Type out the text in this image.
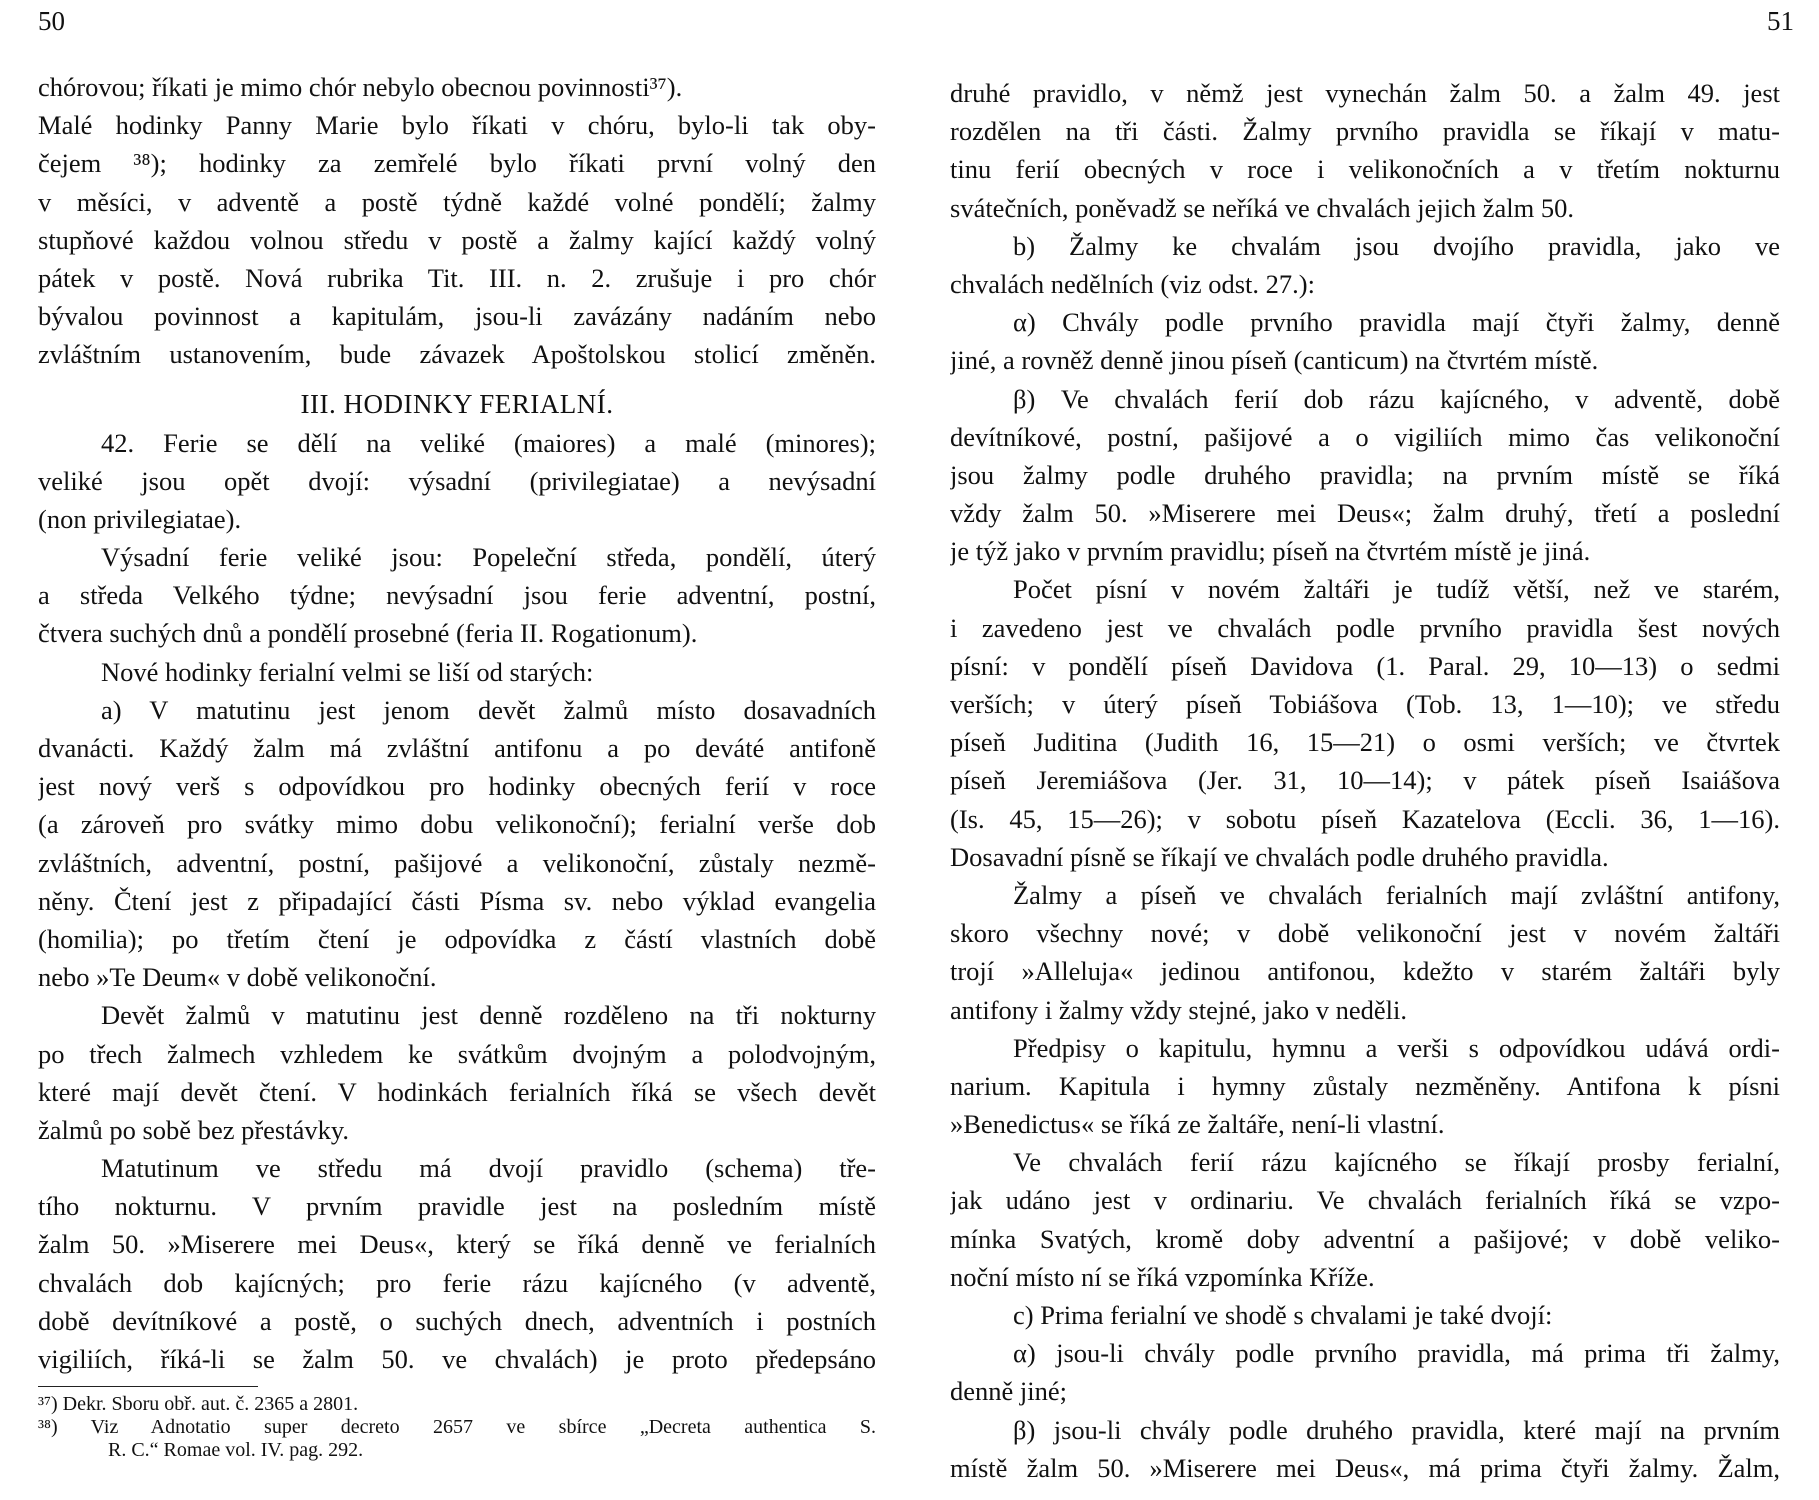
50	51
chórovou; říkati je mimo chór nebylo obecnou povinnosti³⁷).
Malé hodinky Panny Marie bylo říkati v chóru, bylo-li tak oby-
čejem ³⁸); hodinky za zemřelé bylo říkati první volný den
v měsíci, v adventě a postě týdně každé volné pondělí; žalmy
stupňové každou volnou středu v postě a žalmy kající každý volný
pátek v postě. Nová rubrika Tit. III. n. 2. zrušuje i pro chór
bývalou povinnost a kapitulám, jsou-li zavázány nadáním nebo
zvláštním ustanovením, bude závazek Apoštolskou stolicí změněn.
III. HODINKY FERIALNÍ.
42. Ferie se dělí na veliké (maiores) a malé (minores);
veliké jsou opět dvojí: výsadní (privilegiatae) a nevýsadní
(non privilegiatae).
Výsadní ferie veliké jsou: Popeleční středa, pondělí, úterý
a středa Velkého týdne; nevýsadní jsou ferie adventní, postní,
čtvera suchých dnů a pondělí prosebné (feria II. Rogationum).
Nové hodinky ferialní velmi se liší od starých:
a) V matutinu jest jenom devět žalmů místo dosavadních
dvanácti. Každý žalm má zvláštní antifonu a po deváté antifoně
jest nový verš s odpovídkou pro hodinky obecných ferií v roce
(a zároveň pro svátky mimo dobu velikonoční); ferialní verše dob
zvláštních, adventní, postní, pašijové a velikonoční, zůstaly nezmě-
něny. Čtení jest z připadající části Písma sv. nebo výklad evangelia
(homilia); po třetím čtení je odpovídka z částí vlastních době
nebo »Te Deum« v době velikonoční.
Devět žalmů v matutinu jest denně rozděleno na tři nokturny
po třech žalmech vzhledem ke svátkům dvojným a polodvojným,
které mají devět čtení. V hodinkách ferialních říká se všech devět
žalmů po sobě bez přestávky.
Matutinum ve středu má dvojí pravidlo (schema) tře-
tího nokturnu. V prvním pravidle jest na posledním místě
žalm 50. »Miserere mei Deus«, který se říká denně ve ferialních
chvalách dob kajícných; pro ferie rázu kajícného (v adventě,
době devítníkové a postě, o suchých dnech, adventních i postních
vigiliích, říká-li se žalm 50. ve chvalách) je proto předepsáno
³⁷) Dekr. Sboru obř. aut. č. 2365 a 2801.
³⁸) Viz Adnotatio super decreto 2657 ve sbírce „Decreta authentica S.
R. C.“ Romae vol. IV. pag. 292.
druhé pravidlo, v němž jest vynechán žalm 50. a žalm 49. jest
rozdělen na tři části. Žalmy prvního pravidla se říkají v matu-
tinu ferií obecných v roce i velikonočních a v třetím nokturnu
svátečních, poněvadž se neříká ve chvalách jejich žalm 50.
b) Žalmy ke chvalám jsou dvojího pravidla, jako ve
chvalách nedělních (viz odst. 27.):
α) Chvály podle prvního pravidla mají čtyři žalmy, denně
jiné, a rovněž denně jinou píseň (canticum) na čtvrtém místě.
β) Ve chvalách ferií dob rázu kajícného, v adventě, době
devítníkové, postní, pašijové a o vigiliích mimo čas velikonoční
jsou žalmy podle druhého pravidla; na prvním místě se říká
vždy žalm 50. »Miserere mei Deus«; žalm druhý, třetí a poslední
je týž jako v prvním pravidlu; píseň na čtvrtém místě je jiná.
Počet písní v novém žaltáři je tudíž větší, než ve starém,
i zavedeno jest ve chvalách podle prvního pravidla šest nových
písní: v pondělí píseň Davidova (1. Paral. 29, 10—13) o sedmi
verších; v úterý píseň Tobiášova (Tob. 13, 1—10); ve středu
píseň Juditina (Judith 16, 15—21) o osmi verších; ve čtvrtek
píseň Jeremiášova (Jer. 31, 10—14); v pátek píseň Isaiášova
(Is. 45, 15—26); v sobotu píseň Kazatelova (Eccli. 36, 1—16).
Dosavadní písně se říkají ve chvalách podle druhého pravidla.
Žalmy a píseň ve chvalách ferialních mají zvláštní antifony,
skoro všechny nové; v době velikonoční jest v novém žaltáři
trojí »Alleluja« jedinou antifonou, kdežto v starém žaltáři byly
antifony i žalmy vždy stejné, jako v neděli.
Předpisy o kapitulu, hymnu a verši s odpovídkou udává ordi-
narium. Kapitula i hymny zůstaly nezměněny. Antifona k písni
»Benedictus« se říká ze žaltáře, není-li vlastní.
Ve chvalách ferií rázu kajícného se říkají prosby ferialní,
jak udáno jest v ordinariu. Ve chvalách ferialních říká se vzpo-
mínka Svatých, kromě doby adventní a pašijové; v době veliko-
noční místo ní se říká vzpomínka Kříže.
c) Prima ferialní ve shodě s chvalami je také dvojí:
α) jsou-li chvály podle prvního pravidla, má prima tři žalmy,
denně jiné;
β) jsou-li chvály podle druhého pravidla, které mají na prvním
místě žalm 50. »Miserere mei Deus«, má prima čtyři žalmy. Žalm,
